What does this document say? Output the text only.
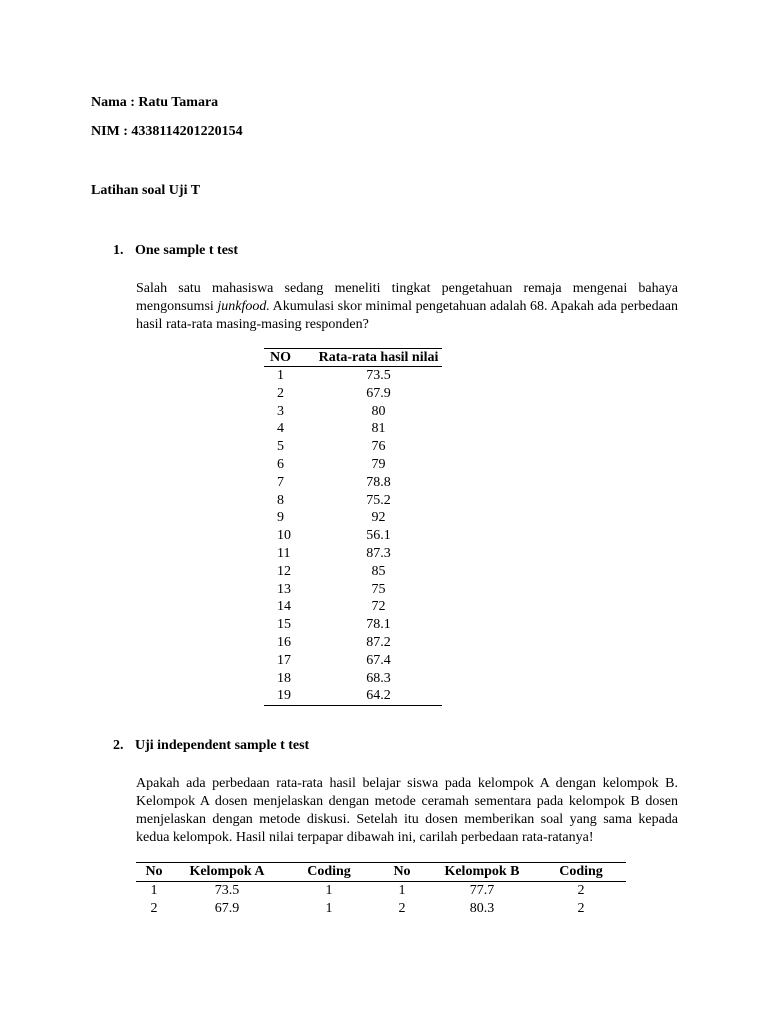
Nama : Ratu Tamara
NIM : 4338114201220154
Latihan soal Uji T
1. One sample t test

Salah satu mahasiswa sedang meneliti tingkat pengetahuan remaja mengenai bahaya mengonsumsi junkfood. Akumulasi skor minimal pengetahuan adalah 68. Apakah ada perbedaan hasil rata-rata masing-masing responden?

NO	Rata-rata hasil nilai
1	73.5
2	67.9
3	80
4	81
5	76
6	79
7	78.8
8	75.2
9	92
10	56.1
11	87.3
12	85
13	75
14	72
15	78.1
16	87.2
17	67.4
18	68.3
19	64.2
2. Uji independent sample t test

Apakah ada perbedaan rata-rata hasil belajar siswa pada kelompok A dengan kelompok B. Kelompok A dosen menjelaskan dengan metode ceramah sementara pada kelompok B dosen menjelaskan dengan metode diskusi. Setelah itu dosen memberikan soal yang sama kepada kedua kelompok. Hasil nilai terpapar dibawah ini, carilah perbedaan rata-ratanya!

No	Kelompok A	Coding	No	Kelompok B	Coding
1	73.5	1	1	77.7	2
2	67.9	1	2	80.3	2
